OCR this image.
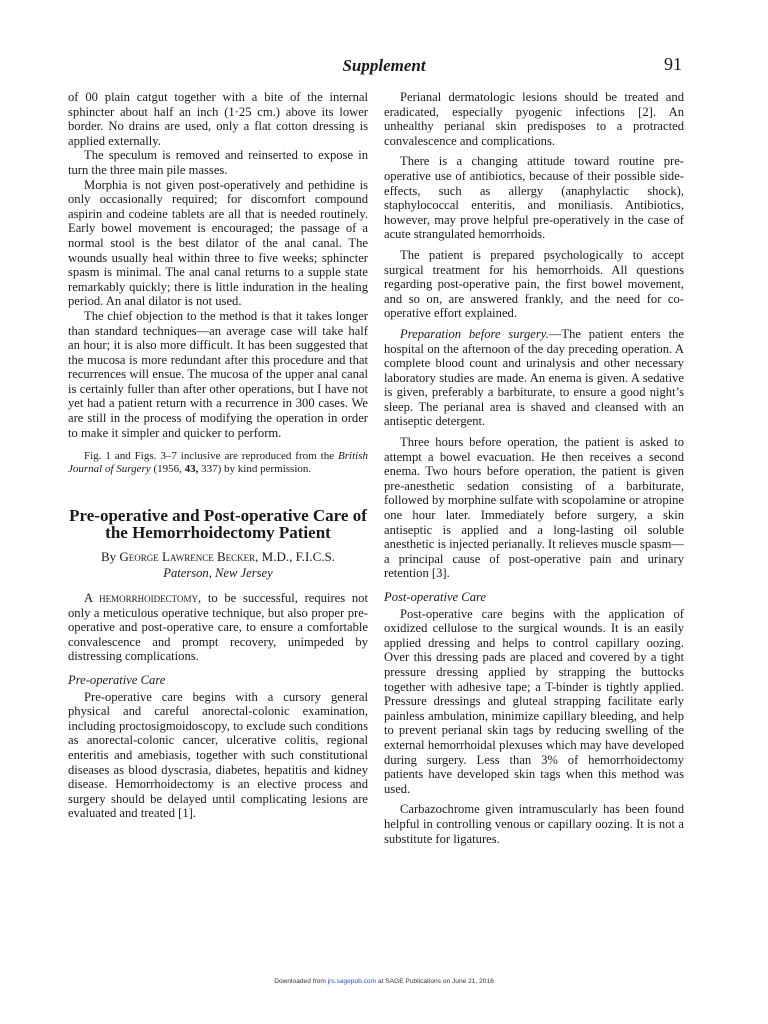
Supplement	91

of 00 plain catgut together with a bite of the internal sphincter about half an inch (1·25 cm.) above its lower border. No drains are used, only a flat cotton dressing is applied externally.

The speculum is removed and reinserted to expose in turn the three main pile masses.

Morphia is not given post-operatively and pethidine is only occasionally required; for discomfort compound aspirin and codeine tablets are all that is needed routinely. Early bowel movement is encouraged; the passage of a normal stool is the best dilator of the anal canal. The wounds usually heal within three to five weeks; sphincter spasm is minimal. The anal canal returns to a supple state remarkably quickly; there is little induration in the healing period. An anal dilator is not used.

The chief objection to the method is that it takes longer than standard techniques—an average case will take half an hour; it is also more difficult. It has been suggested that the mucosa is more redundant after this procedure and that recurrences will ensue. The mucosa of the upper anal canal is certainly fuller than after other operations, but I have not yet had a patient return with a recurrence in 300 cases. We are still in the process of modifying the operation in order to make it simpler and quicker to perform.

Fig. 1 and Figs. 3–7 inclusive are reproduced from the British Journal of Surgery (1956, 43, 337) by kind permission.
Pre-operative and Post-operative Care of the Hemorrhoidectomy Patient
By George Lawrence Becker, M.D., F.I.C.S.
Paterson, New Jersey

A hemorrhoidectomy, to be successful, requires not only a meticulous operative technique, but also proper pre-operative and post-operative care, to ensure a comfortable convalescence and prompt recovery, unimpeded by distressing complications.

Pre-operative Care

Pre-operative care begins with a cursory general physical and careful anorectal-colonic examination, including proctosigmoidoscopy, to exclude such conditions as anorectal-colonic cancer, ulcerative colitis, regional enteritis and amebiasis, together with such constitutional diseases as blood dyscrasia, diabetes, hepatitis and kidney disease. Hemorrhoidectomy is an elective process and surgery should be delayed until complicating lesions are evaluated and treated [1].

Perianal dermatologic lesions should be treated and eradicated, especially pyogenic infections [2]. An unhealthy perianal skin predisposes to a protracted convalescence and complications.

There is a changing attitude toward routine pre-operative use of antibiotics, because of their possible side-effects, such as allergy (anaphylactic shock), staphylococcal enteritis, and moniliasis. Antibiotics, however, may prove helpful pre-operatively in the case of acute strangulated hemorrhoids.

The patient is prepared psychologically to accept surgical treatment for his hemorrhoids. All questions regarding post-operative pain, the first bowel movement, and so on, are answered frankly, and the need for co-operative effort explained.

Preparation before surgery.—The patient enters the hospital on the afternoon of the day preceding operation. A complete blood count and urinalysis and other necessary laboratory studies are made. An enema is given. A sedative is given, preferably a barbiturate, to ensure a good night’s sleep. The perianal area is shaved and cleansed with an antiseptic detergent.

Three hours before operation, the patient is asked to attempt a bowel evacuation. He then receives a second enema. Two hours before operation, the patient is given pre-anesthetic sedation consisting of a barbiturate, followed by morphine sulfate with scopolamine or atropine one hour later. Immediately before surgery, a skin antiseptic is applied and a long-lasting oil soluble anesthetic is injected perianally. It relieves muscle spasm—a principal cause of post-operative pain and urinary retention [3].

Post-operative Care

Post-operative care begins with the application of oxidized cellulose to the surgical wounds. It is an easily applied dressing and helps to control capillary oozing. Over this dressing pads are placed and covered by a tight pressure dressing applied by strapping the buttocks together with adhesive tape; a T-binder is tightly applied. Pressure dressings and gluteal strapping facilitate early painless ambulation, minimize capillary bleeding, and help to prevent perianal skin tags by reducing swelling of the external hemorrhoidal plexuses which may have developed during surgery. Less than 3% of hemorrhoidectomy patients have developed skin tags when this method was used.

Carbazochrome given intramuscularly has been found helpful in controlling venous or capillary oozing. It is not a substitute for ligatures.

Downloaded from jrs.sagepub.com at SAGE Publications on June 21, 2016
